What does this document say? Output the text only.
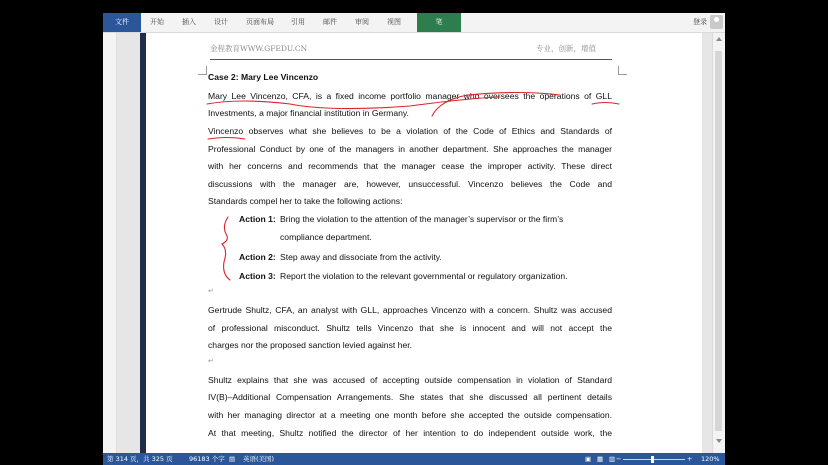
文件	开始	插入	设计	页面布局	引用	邮件	审阅	视图	笔	登录
金程教育WWW.GFEDU.CN	专业，创新，增值
Case 2: Mary Lee Vincenzo
Mary Lee Vincenzo, CFA, is a fixed income portfolio manager who oversees the operations of GLL
Investments, a major financial institution in Germany.
Vincenzo observes what she believes to be a violation of the Code of Ethics and Standards of
Professional Conduct by one of the managers in another department. She approaches the manager
with her concerns and recommends that the manager cease the improper activity. These direct
discussions with the manager are, however, unsuccessful. Vincenzo believes the Code and
Standards compel her to take the following actions:
Action 1: Bring the violation to the attention of the manager’s supervisor or the firm’s
compliance department.
Action 2: Step away and dissociate from the activity.
Action 3: Report the violation to the relevant governmental or regulatory organization.
↵
Gertrude Shultz, CFA, an analyst with GLL, approaches Vincenzo with a concern. Shultz was accused
of professional misconduct. Shultz tells Vincenzo that she is innocent and will not accept the
charges nor the proposed sanction levied against her.
↵
Shultz explains that she was accused of accepting outside compensation in violation of Standard
IV(B)–Additional Compensation Arrangements. She states that she discussed all pertinent details
with her managing director at a meeting one month before she accepted the outside compensation.
At that meeting, Shultz notified the director of her intention to do independent outside work, the
第 314 页，共 325 页	96183 个字 ▤ 英语(美国)	▣ ▦ ▥ −	+ 120%
